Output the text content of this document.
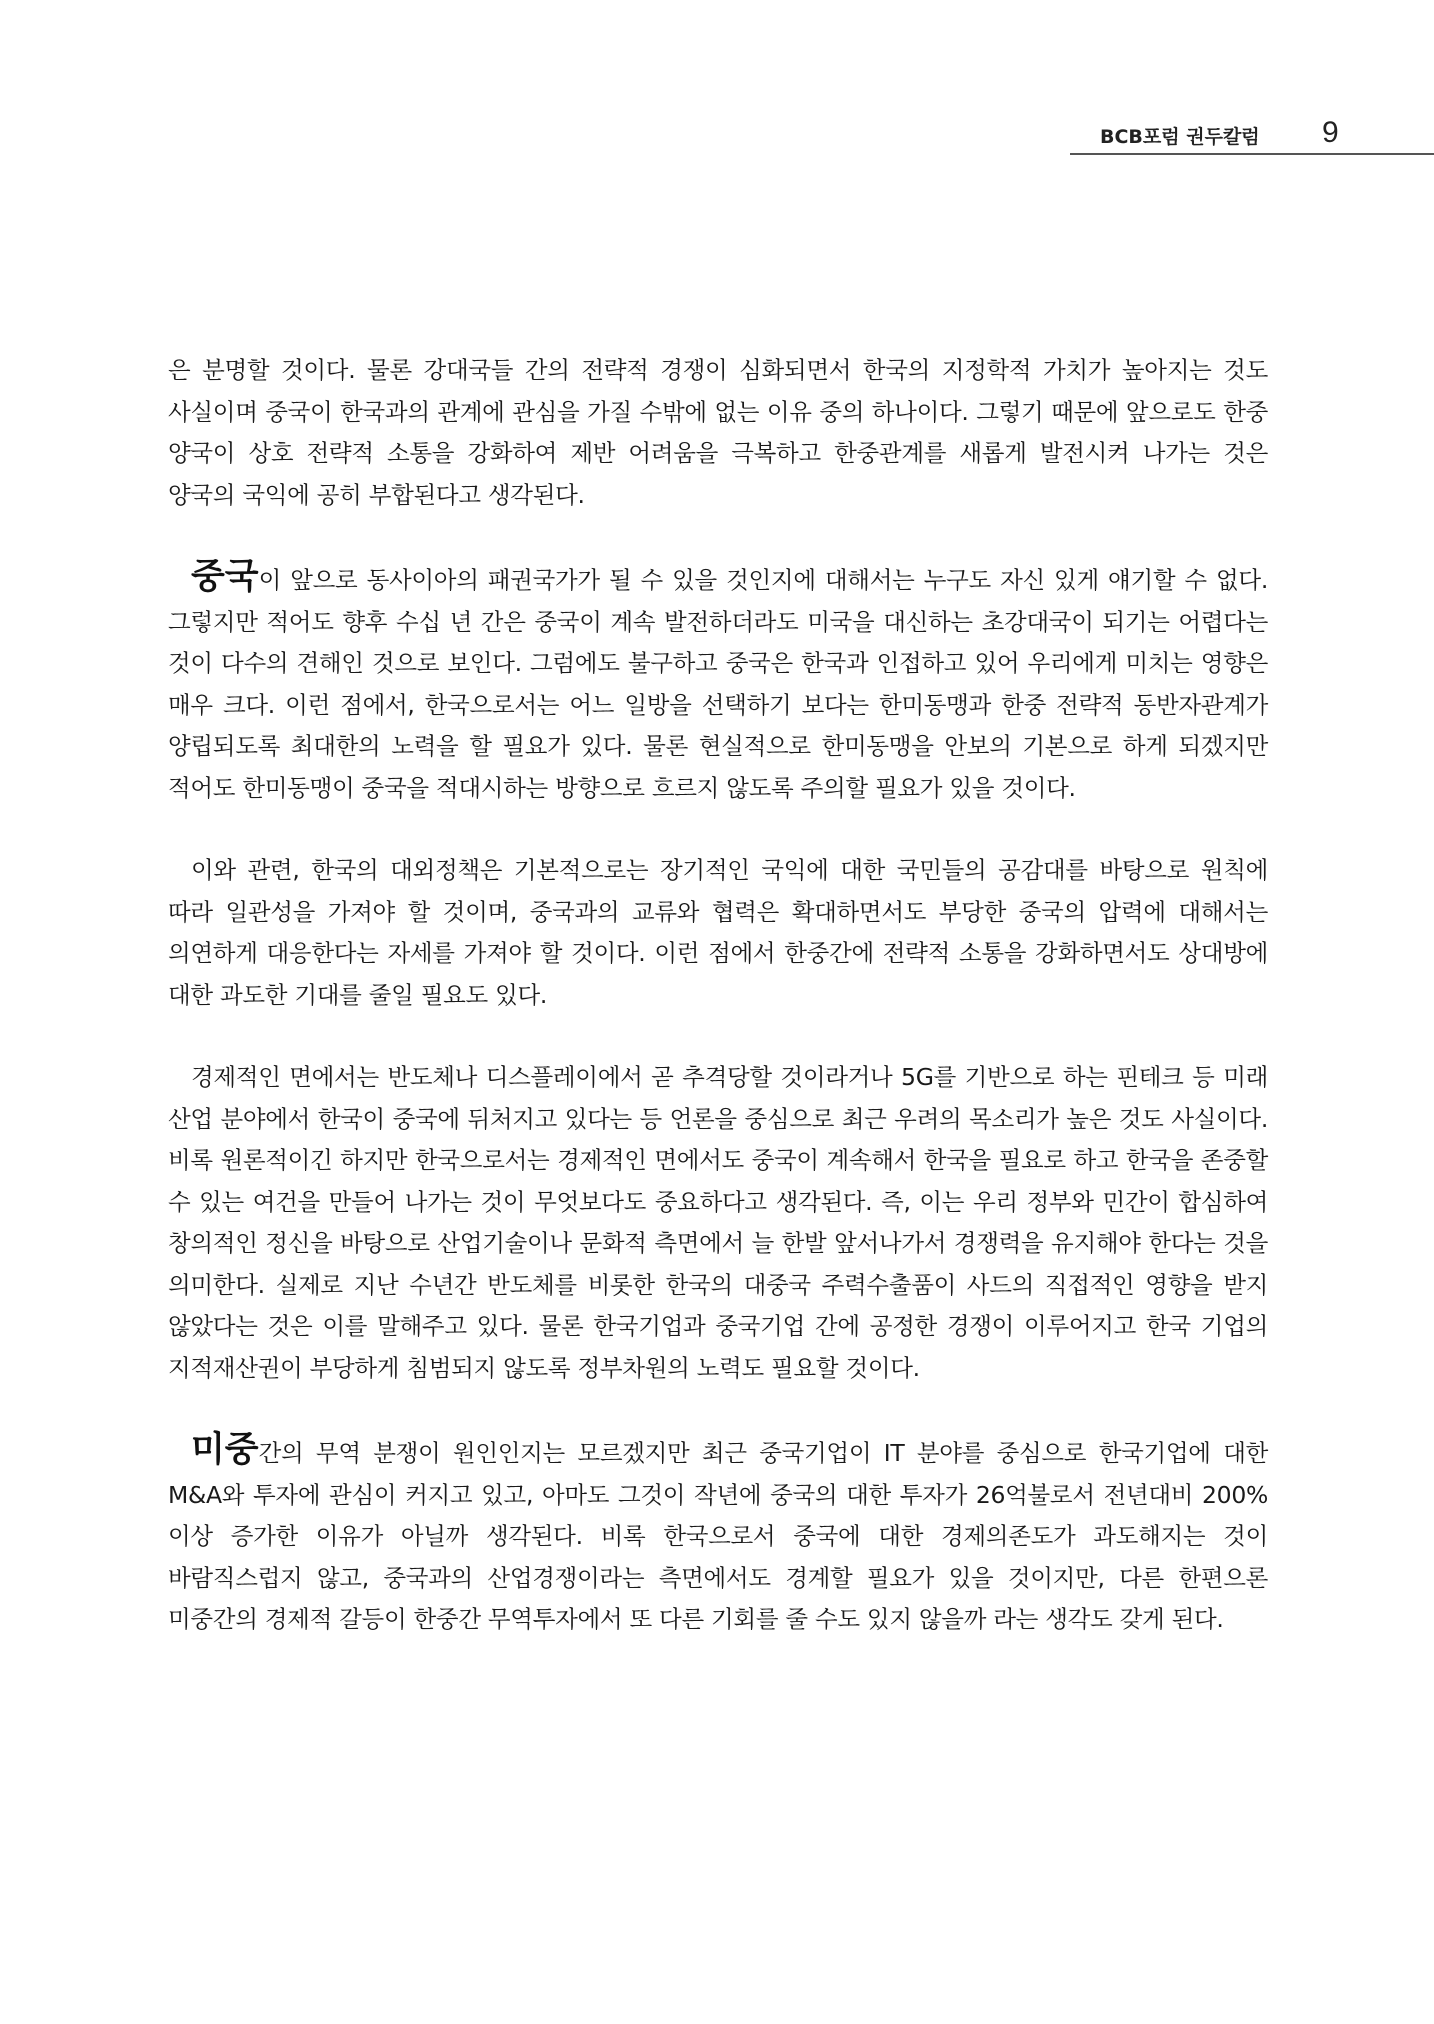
BCB포럼 권두칼럼 9

은 분명할 것이다. 물론 강대국들 간의 전략적 경쟁이 심화되면서 한국의 지정학적 가치가 높아지는 것도 사실이며 중국이 한국과의 관계에 관심을 가질 수밖에 없는 이유 중의 하나이다. 그렇기 때문에 앞으로도 한중 양국이 상호 전략적 소통을 강화하여 제반 어려움을 극복하고 한중관계를 새롭게 발전시켜 나가는 것은 양국의 국익에 공히 부합된다고 생각된다.

중국이 앞으로 동사이아의 패권국가가 될 수 있을 것인지에 대해서는 누구도 자신 있게 얘기할 수 없다. 그렇지만 적어도 향후 수십 년 간은 중국이 계속 발전하더라도 미국을 대신하는 초강대국이 되기는 어렵다는 것이 다수의 견해인 것으로 보인다. 그럼에도 불구하고 중국은 한국과 인접하고 있어 우리에게 미치는 영향은 매우 크다. 이런 점에서, 한국으로서는 어느 일방을 선택하기 보다는 한미동맹과 한중 전략적 동반자관계가 양립되도록 최대한의 노력을 할 필요가 있다. 물론 현실적으로 한미동맹을 안보의 기본으로 하게 되겠지만 적어도 한미동맹이 중국을 적대시하는 방향으로 흐르지 않도록 주의할 필요가 있을 것이다.

이와 관련, 한국의 대외정책은 기본적으로는 장기적인 국익에 대한 국민들의 공감대를 바탕으로 원칙에 따라 일관성을 가져야 할 것이며, 중국과의 교류와 협력은 확대하면서도 부당한 중국의 압력에 대해서는 의연하게 대응한다는 자세를 가져야 할 것이다. 이런 점에서 한중간에 전략적 소통을 강화하면서도 상대방에 대한 과도한 기대를 줄일 필요도 있다.

경제적인 면에서는 반도체나 디스플레이에서 곧 추격당할 것이라거나 5G를 기반으로 하는 핀테크 등 미래 산업 분야에서 한국이 중국에 뒤처지고 있다는 등 언론을 중심으로 최근 우려의 목소리가 높은 것도 사실이다. 비록 원론적이긴 하지만 한국으로서는 경제적인 면에서도 중국이 계속해서 한국을 필요로 하고 한국을 존중할 수 있는 여건을 만들어 나가는 것이 무엇보다도 중요하다고 생각된다. 즉, 이는 우리 정부와 민간이 합심하여 창의적인 정신을 바탕으로 산업기술이나 문화적 측면에서 늘 한발 앞서나가서 경쟁력을 유지해야 한다는 것을 의미한다. 실제로 지난 수년간 반도체를 비롯한 한국의 대중국 주력수출품이 사드의 직접적인 영향을 받지 않았다는 것은 이를 말해주고 있다. 물론 한국기업과 중국기업 간에 공정한 경쟁이 이루어지고 한국 기업의 지적재산권이 부당하게 침범되지 않도록 정부차원의 노력도 필요할 것이다.

미중간의 무역 분쟁이 원인인지는 모르겠지만 최근 중국기업이 IT 분야를 중심으로 한국기업에 대한 M&A와 투자에 관심이 커지고 있고, 아마도 그것이 작년에 중국의 대한 투자가 26억불로서 전년대비 200% 이상 증가한 이유가 아닐까 생각된다. 비록 한국으로서 중국에 대한 경제의존도가 과도해지는 것이 바람직스럽지 않고, 중국과의 산업경쟁이라는 측면에서도 경계할 필요가 있을 것이지만, 다른 한편으론 미중간의 경제적 갈등이 한중간 무역투자에서 또 다른 기회를 줄 수도 있지 않을까 라는 생각도 갖게 된다.
